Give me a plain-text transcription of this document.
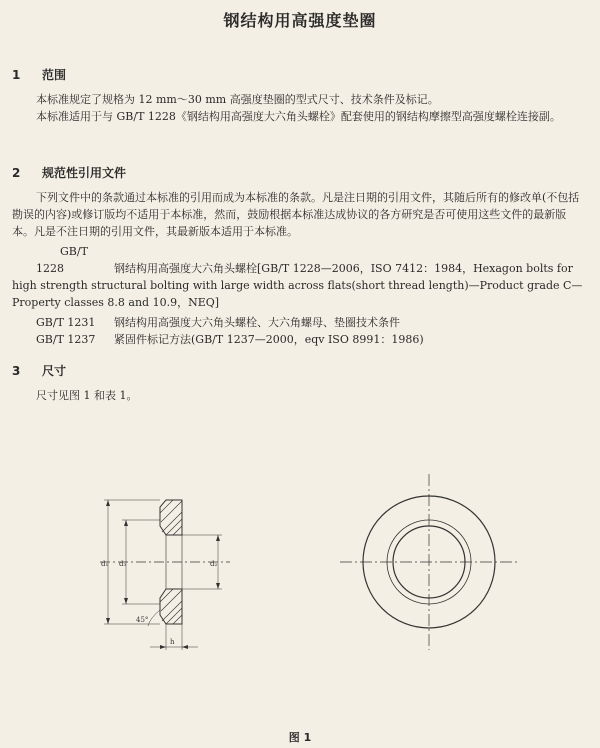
钢结构用高强度垫圈
1 范围

本标准规定了规格为 12 mm～30 mm 高强度垫圈的型式尺寸、技术条件及标记。

本标准适用于与 GB/T 1228《钢结构用高强度大六角头螺栓》配套使用的钢结构摩擦型高强度螺栓连接副。

2 规范性引用文件

下列文件中的条款通过本标准的引用而成为本标准的条款。凡是注日期的引用文件，其随后所有的修改单(不包括勘误的内容)或修订版均不适用于本标准，然而，鼓励根据本标准达成协议的各方研究是否可使用这些文件的最新版本。凡是不注日期的引用文件，其最新版本适用于本标准。

GB/T 1228	钢结构用高强度大六角头螺栓[GB/T 1228—2006，ISO 7412：1984，Hexagon bolts for high strength structural bolting with large width across flats(short thread length)—Product grade C—Property classes 8.8 and 10.9，NEQ]

GB/T 1231 钢结构用高强度大六角头螺栓、大六角螺母、垫圈技术条件
GB/T 1237 紧固件标记方法(GB/T 1237—2000，eqv ISO 8991：1986)
3 尺寸

尺寸见图 1 和表 1。

d₁ d₃	d₂
45°
h
图 1
